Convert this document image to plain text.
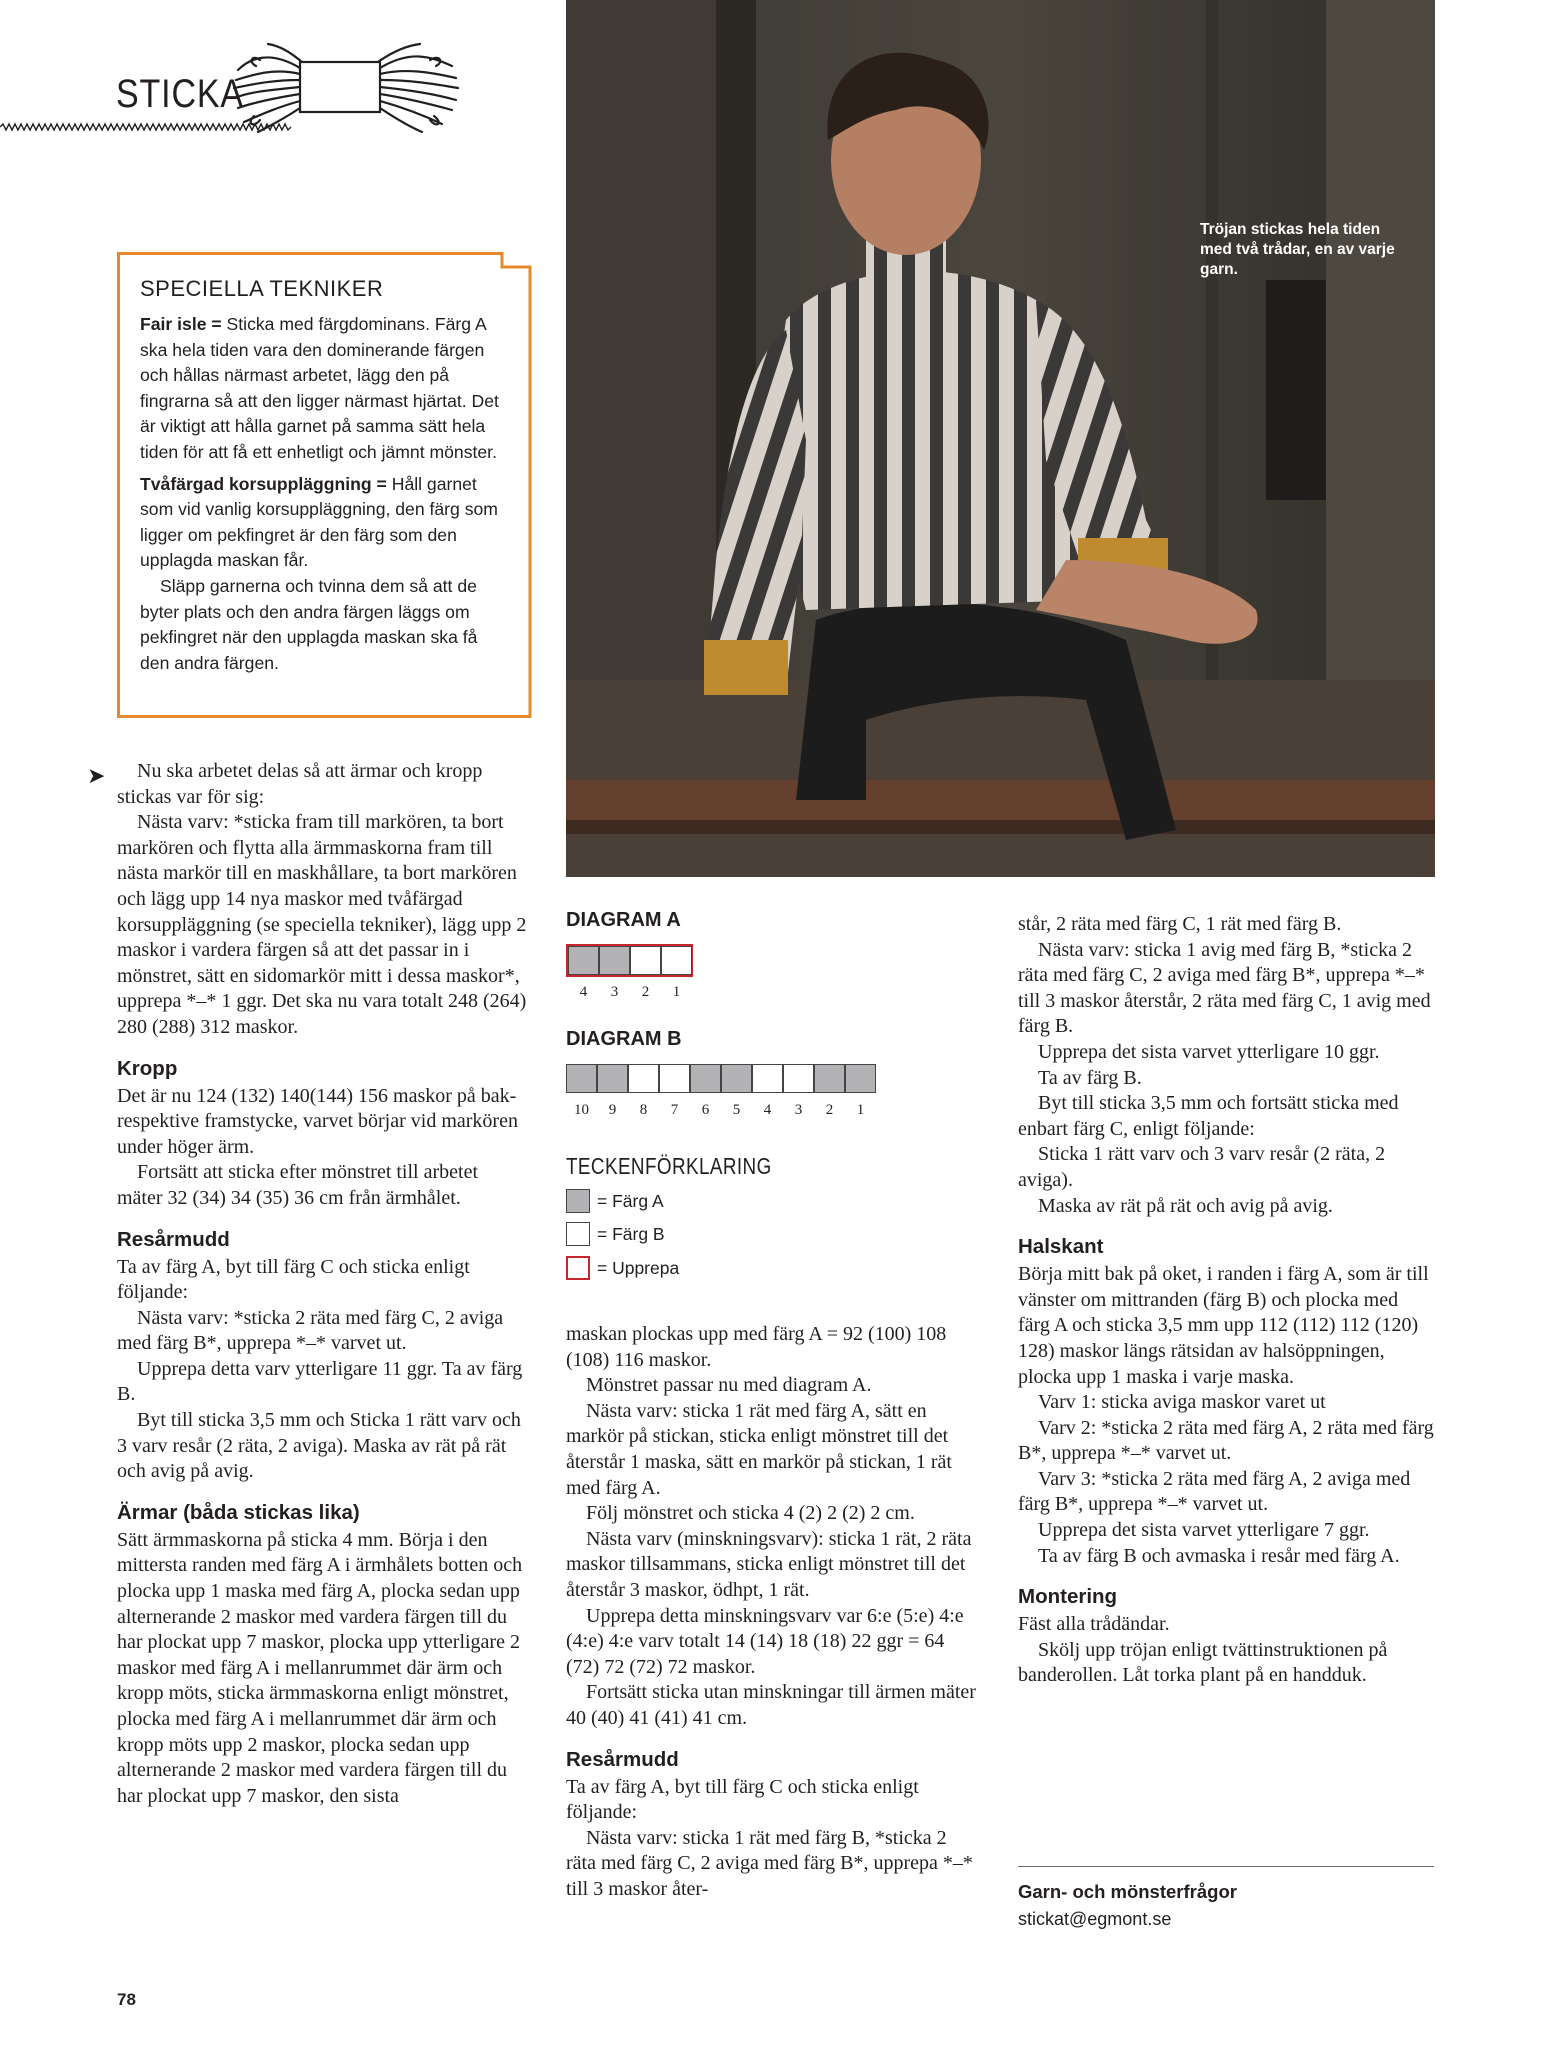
STICKA
SPECIELLA TEKNIKER

Fair isle = Sticka med färgdominans. Färg A ska hela tiden vara den dominerande färgen och hållas närmast arbetet, lägg den på fingrarna så att den ligger närmast hjärtat. Det är viktigt att hålla garnet på samma sätt hela tiden för att få ett enhetligt och jämnt mönster.

Tvåfärgad korsuppläggning = Håll garnet som vid vanlig korsuppläggning, den färg som ligger om pekfingret är den färg som den upplagda maskan får.

Släpp garnerna och tvinna dem så att de byter plats och den andra färgen läggs om pekfingret när den upplagda maskan ska få den andra färgen.

Tröjan stickas hela tiden med två trådar, en av varje garn.
➤	Nu ska arbetet delas så att ärmar och kropp stickas var för sig:

Nästa varv: *sticka fram till markören, ta bort markören och flytta alla ärmmaskorna fram till nästa markör till en maskhållare, ta bort markören och lägg upp 14 nya maskor med tvåfärgad korsuppläggning (se speciella tekniker), lägg upp 2 maskor i vardera färgen så att det passar in i mönstret, sätt en sidomarkör mitt i dessa maskor*, upprepa *–* 1 ggr. Det ska nu vara totalt 248 (264) 280 (288) 312 maskor.

Kropp

Det är nu 124 (132) 140(144) 156 maskor på bak- respektive framstycke, varvet börjar vid markören under höger ärm.

Fortsätt att sticka efter mönstret till arbetet mäter 32 (34) 34 (35) 36 cm från ärmhålet.

Resårmudd

Ta av färg A, byt till färg C och sticka enligt följande:

Nästa varv: *sticka 2 räta med färg C, 2 aviga med färg B*, upprepa *–* varvet ut.

Upprepa detta varv ytterligare 11 ggr. Ta av färg B.

Byt till sticka 3,5 mm och Sticka 1 rätt varv och 3 varv resår (2 räta, 2 aviga). Maska av rät på rät och avig på avig.

Ärmar (båda stickas lika)

Sätt ärmmaskorna på sticka 4 mm. Börja i den mittersta randen med färg A i ärmhålets botten och plocka upp 1 maska med färg A, plocka sedan upp alternerande 2 maskor med vardera färgen till du har plockat upp 7 maskor, plocka upp ytterligare 2 maskor med färg A i mellanrummet där ärm och kropp möts, sticka ärmmaskorna enligt mönstret, plocka med färg A i mellanrummet där ärm och kropp möts upp 2 maskor, plocka sedan upp alternerande 2 maskor med vardera färgen till du har plockat upp 7 maskor, den sista

DIAGRAM A
4	3	2	1
DIAGRAM B
10	9	8	7	6	5	4	3	2	1
TECKENFÖRKLARING
= Färg A
= Färg B
= Upprepa

maskan plockas upp med färg A = 92 (100) 108 (108) 116 maskor.

Mönstret passar nu med diagram A.

Nästa varv: sticka 1 rät med färg A, sätt en markör på stickan, sticka enligt mönstret till det återstår 1 maska, sätt en markör på stickan, 1 rät med färg A.

Följ mönstret och sticka 4 (2) 2 (2) 2 cm.

Nästa varv (minskningsvarv): sticka 1 rät, 2 räta maskor tillsammans, sticka enligt mönstret till det återstår 3 maskor, ödhpt, 1 rät.

Upprepa detta minskningsvarv var 6:e (5:e) 4:e (4:e) 4:e varv totalt 14 (14) 18 (18) 22 ggr = 64 (72) 72 (72) 72 maskor.

Fortsätt sticka utan minskningar till ärmen mäter 40 (40) 41 (41) 41 cm.

Resårmudd

Ta av färg A, byt till färg C och sticka enligt följande:

Nästa varv: sticka 1 rät med färg B, *sticka 2 räta med färg C, 2 aviga med färg B*, upprepa *–* till 3 maskor åter-

står, 2 räta med färg C, 1 rät med färg B.

Nästa varv: sticka 1 avig med färg B, *sticka 2 räta med färg C, 2 aviga med färg B*, upprepa *–* till 3 maskor återstår, 2 räta med färg C, 1 avig med färg B.

Upprepa det sista varvet ytterligare 10 ggr.

Ta av färg B.

Byt till sticka 3,5 mm och fortsätt sticka med enbart färg C, enligt följande:

Sticka 1 rätt varv och 3 varv resår (2 räta, 2 aviga).

Maska av rät på rät och avig på avig.

Halskant

Börja mitt bak på oket, i randen i färg A, som är till vänster om mittranden (färg B) och plocka med färg A och sticka 3,5 mm upp 112 (112) 112 (120) 128) maskor längs rätsidan av halsöppningen, plocka upp 1 maska i varje maska.

Varv 1: sticka aviga maskor varet ut

Varv 2: *sticka 2 räta med färg A, 2 räta med färg B*, upprepa *–* varvet ut.

Varv 3: *sticka 2 räta med färg A, 2 aviga med färg B*, upprepa *–* varvet ut.

Upprepa det sista varvet ytterligare 7 ggr.

Ta av färg B och avmaska i resår med färg A.

Montering

Fäst alla trådändar.

Skölj upp tröjan enligt tvättinstruktionen på banderollen. Låt torka plant på en handduk.

Garn- och mönsterfrågor
stickat@egmont.se
78
